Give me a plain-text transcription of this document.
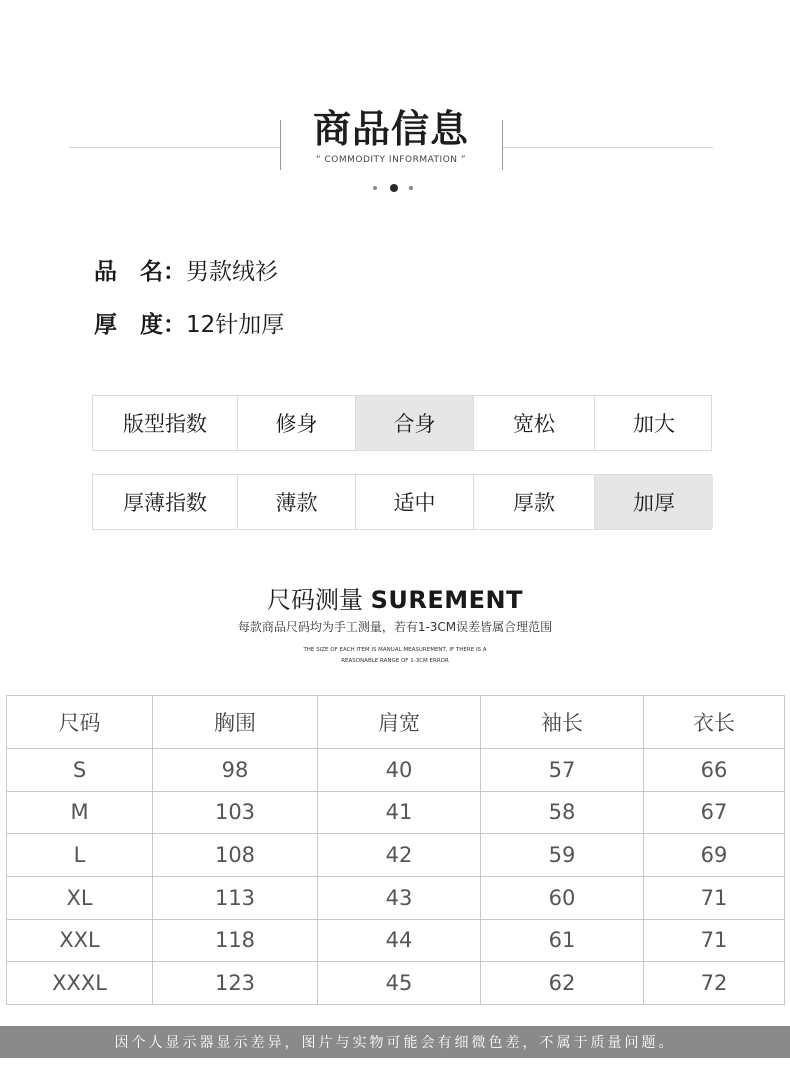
商品信息
“ COMMODITY INFORMATION ”
品　名：男款绒衫
厚　度：12针加厚
版型指数	修身	合身	宽松	加大
厚薄指数	薄款	适中	厚款	加厚
尺码测量 SUREMENT
每款商品尺码均为手工测量，若有1-3CM误差皆属合理范围
THE SIZE OF EACH ITEM IS MANUAL MEASUREMENT, IF THERE IS A
REASONABLE RANGE OF 1-3CM ERROR
尺码	胸围	肩宽	袖长	衣长
S	98	40	57	66
M	103	41	58	67
L	108	42	59	69
XL	113	43	60	71
XXL	118	44	61	71
XXXL	123	45	62	72
因个人显示器显示差异，图片与实物可能会有细微色差，不属于质量问题。
